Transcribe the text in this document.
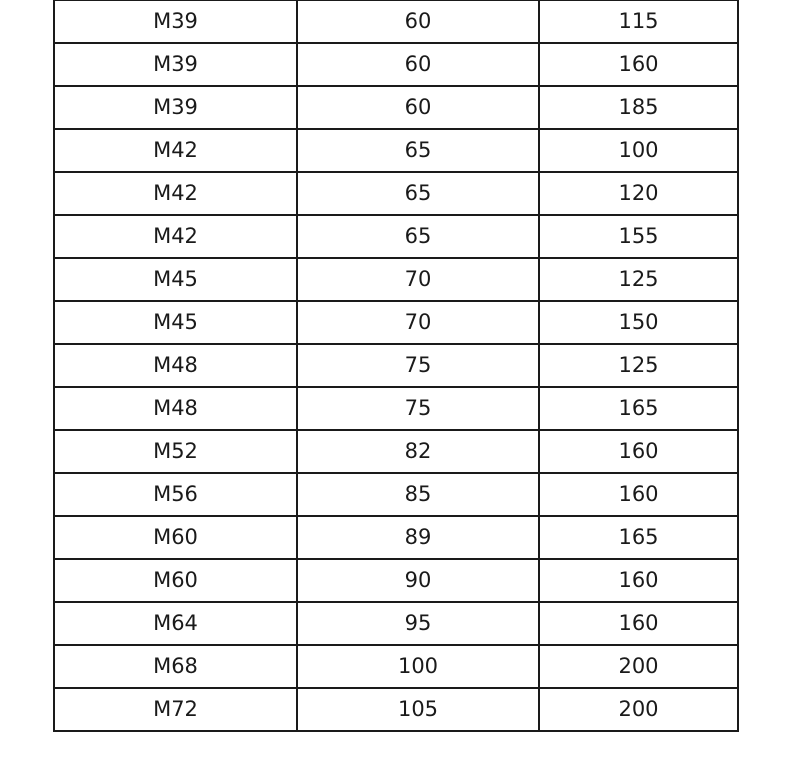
M39	60	115
M39	60	160
M39	60	185
M42	65	100
M42	65	120
M42	65	155
M45	70	125
M45	70	150
M48	75	125
M48	75	165
M52	82	160
M56	85	160
M60	89	165
M60	90	160
M64	95	160
M68	100	200
M72	105	200
